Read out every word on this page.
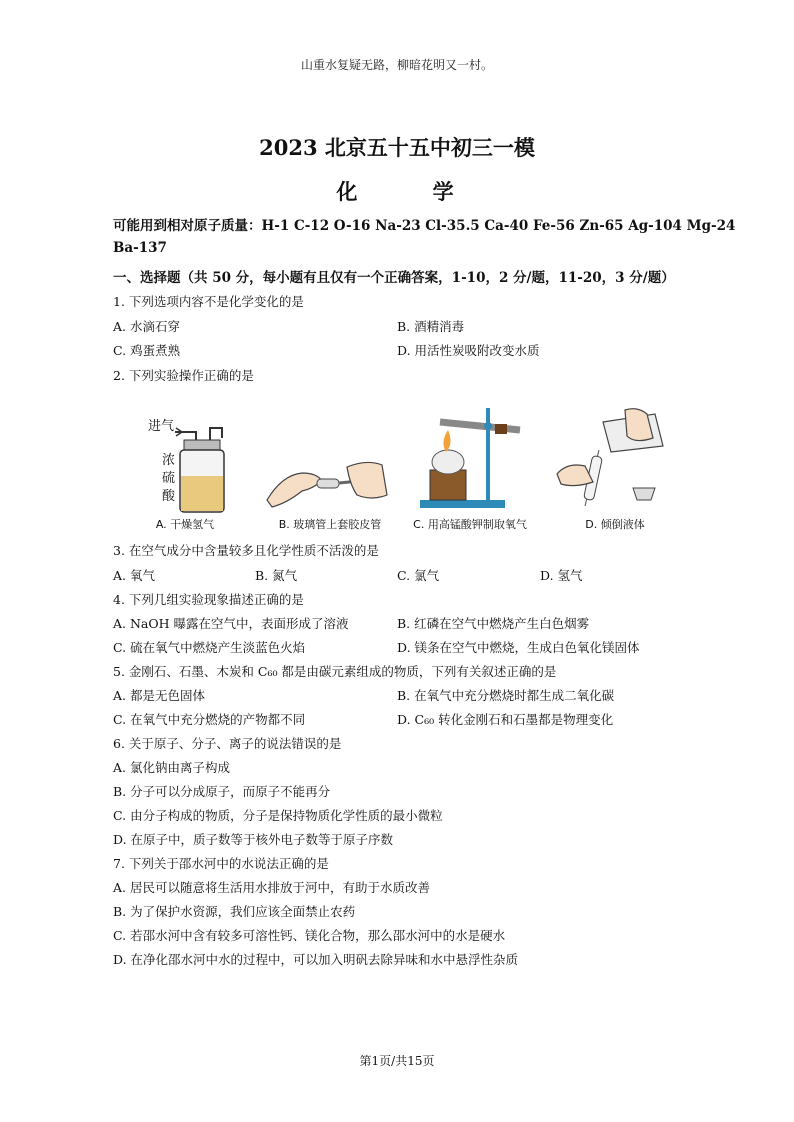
山重水复疑无路，柳暗花明又一村。
2023 北京五十五中初三一模
化 学
可能用到相对原子质量：H-1 C-12 O-16 Na-23 Cl-35.5 Ca-40 Fe-56 Zn-65 Ag-104 Mg-24
Ba-137
一、选择题（共 50 分，每小题有且仅有一个正确答案，1-10，2 分/题，11-20，3 分/题）
1. 下列选项内容不是化学变化的是
A. 水滴石穿	B. 酒精消毒
C. 鸡蛋煮熟	D. 用活性炭吸附改变水质
2. 下列实验操作正确的是
进气
浓
硫
酸
A. 干燥氢气	B. 玻璃管上套胶皮管	C. 用高锰酸钾制取氧气	D. 倾倒液体
3. 在空气成分中含量较多且化学性质不活泼的是
A. 氧气	B. 氮气	C. 氯气	D. 氢气
4. 下列几组实验现象描述正确的是
A. NaOH 曝露在空气中，表面形成了溶液	B. 红磷在空气中燃烧产生白色烟雾
C. 硫在氧气中燃烧产生淡蓝色火焰	D. 镁条在空气中燃烧，生成白色氧化镁固体
5. 金刚石、石墨、木炭和 C₆₀ 都是由碳元素组成的物质，下列有关叙述正确的是
A. 都是无色固体	B. 在氧气中充分燃烧时都生成二氧化碳
C. 在氧气中充分燃烧的产物都不同	D. C₆₀ 转化金刚石和石墨都是物理变化
6. 关于原子、分子、离子的说法错误的是
A. 氯化钠由离子构成
B. 分子可以分成原子，而原子不能再分
C. 由分子构成的物质，分子是保持物质化学性质的最小微粒
D. 在原子中，质子数等于核外电子数等于原子序数
7. 下列关于邵水河中的水说法正确的是
A. 居民可以随意将生活用水排放于河中，有助于水质改善
B. 为了保护水资源，我们应该全面禁止农药
C. 若邵水河中含有较多可溶性钙、镁化合物，那么邵水河中的水是硬水
D. 在净化邵水河中水的过程中，可以加入明矾去除异味和水中悬浮性杂质
第1页/共15页
